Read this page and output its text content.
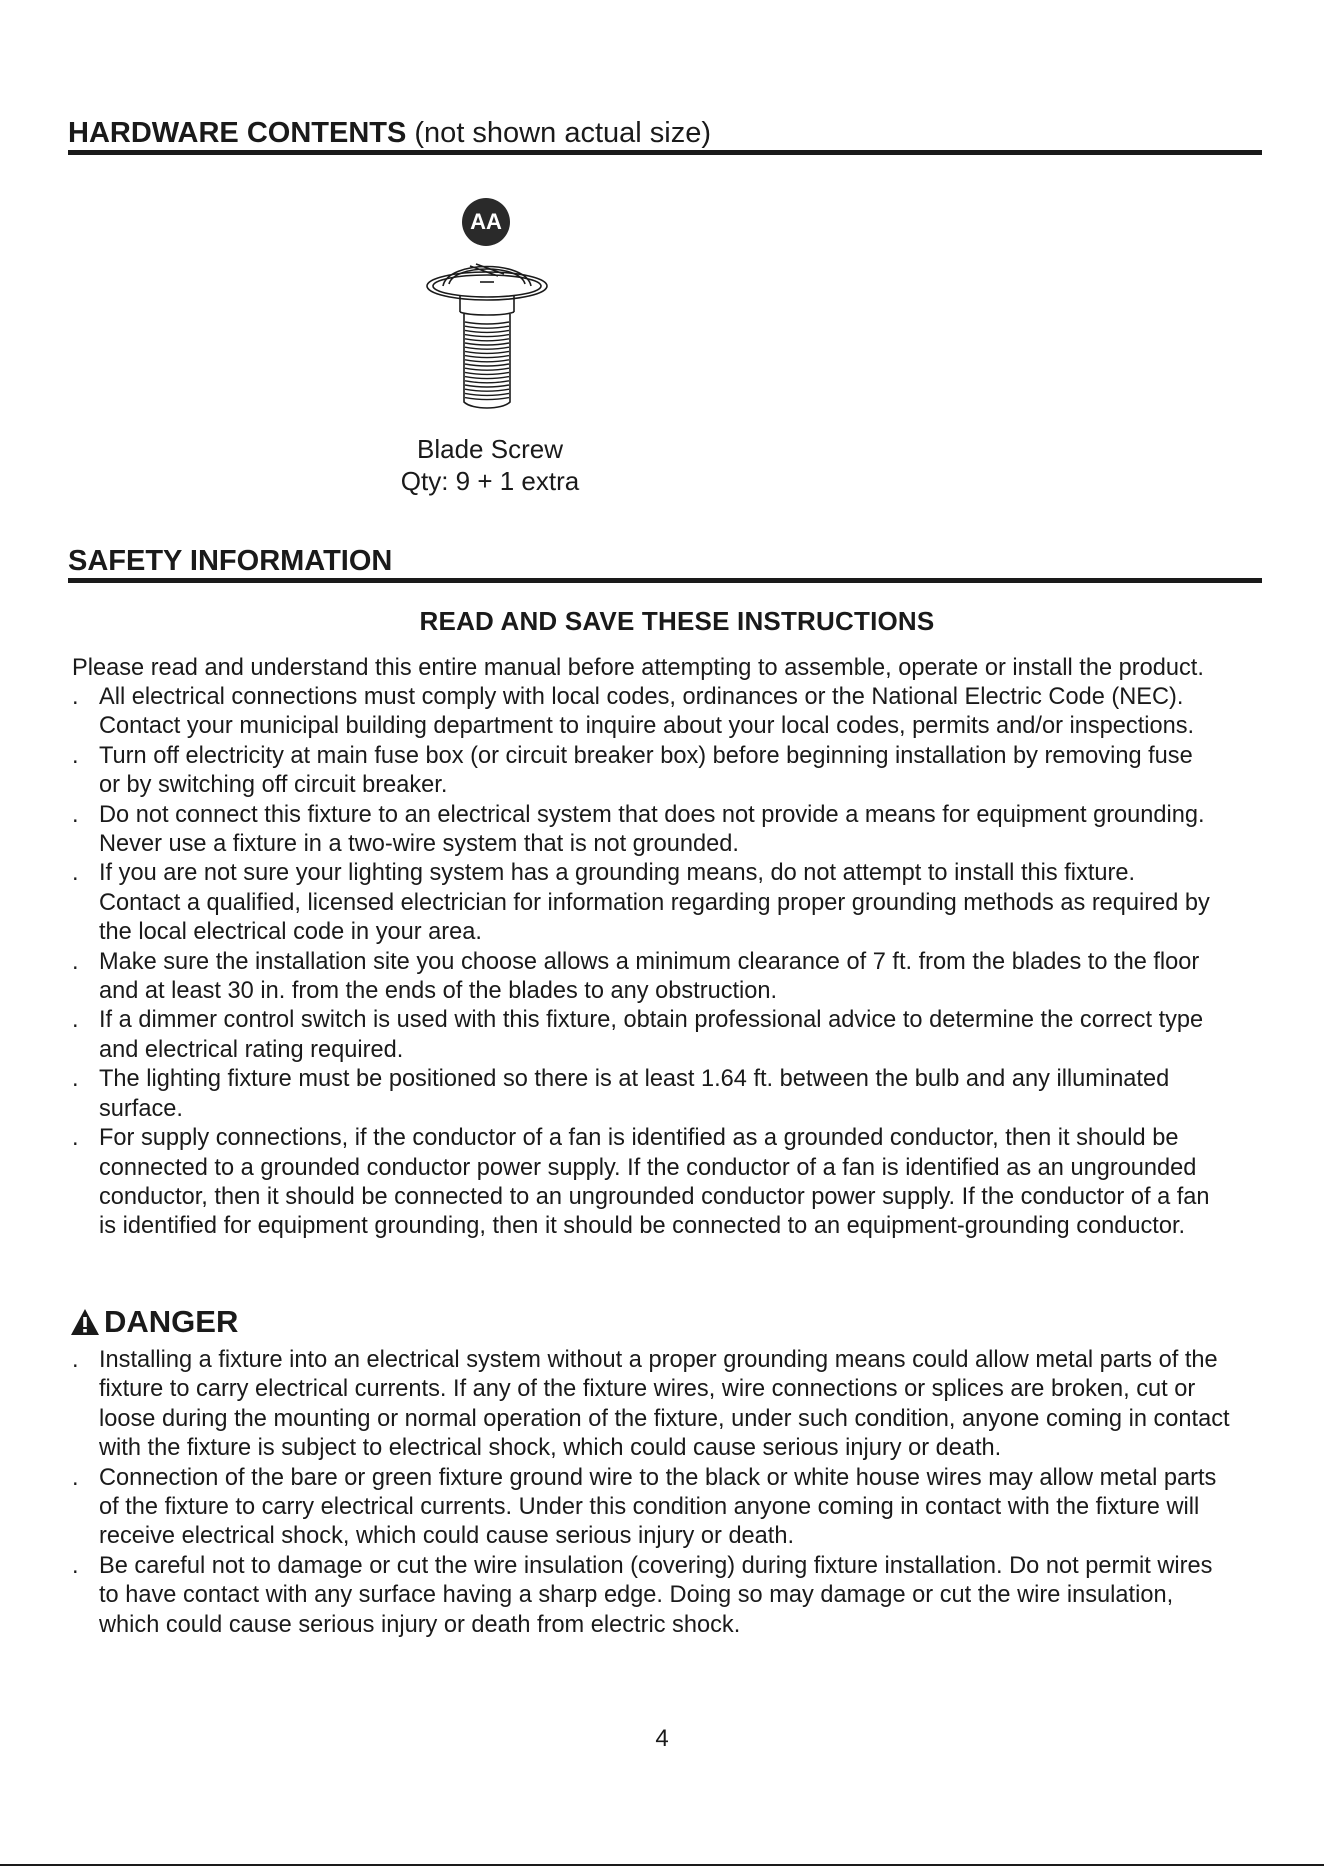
HARDWARE CONTENTS (not shown actual size)
AA
Blade Screw
Qty: 9 + 1 extra
SAFETY INFORMATION
READ AND SAVE THESE INSTRUCTIONS
Please read and understand this entire manual before attempting to assemble, operate or install the product.
. All electrical connections must comply with local codes, ordinances or the National Electric Code (NEC).
Contact your municipal building department to inquire about your local codes, permits and/or inspections.
. Turn off electricity at main fuse box (or circuit breaker box) before beginning installation by removing fuse
or by switching off circuit breaker.
. Do not connect this fixture to an electrical system that does not provide a means for equipment grounding.
Never use a fixture in a two-wire system that is not grounded.
. If you are not sure your lighting system has a grounding means, do not attempt to install this fixture.
Contact a qualified, licensed electrician for information regarding proper grounding methods as required by
the local electrical code in your area.
. Make sure the installation site you choose allows a minimum clearance of 7 ft. from the blades to the floor
and at least 30 in. from the ends of the blades to any obstruction.
. If a dimmer control switch is used with this fixture, obtain professional advice to determine the correct type
and electrical rating required.
. The lighting fixture must be positioned so there is at least 1.64 ft. between the bulb and any illuminated
surface.
. For supply connections, if the conductor of a fan is identified as a grounded conductor, then it should be
connected to a grounded conductor power supply. If the conductor of a fan is identified as an ungrounded
conductor, then it should be connected to an ungrounded conductor power supply. If the conductor of a fan
is identified for equipment grounding, then it should be connected to an equipment-grounding conductor.
DANGER
. Installing a fixture into an electrical system without a proper grounding means could allow metal parts of the
fixture to carry electrical currents. If any of the fixture wires, wire connections or splices are broken, cut or
loose during the mounting or normal operation of the fixture, under such condition, anyone coming in contact
with the fixture is subject to electrical shock, which could cause serious injury or death.
. Connection of the bare or green fixture ground wire to the black or white house wires may allow metal parts
of the fixture to carry electrical currents. Under this condition anyone coming in contact with the fixture will
receive electrical shock, which could cause serious injury or death.
. Be careful not to damage or cut the wire insulation (covering) during fixture installation. Do not permit wires
to have contact with any surface having a sharp edge. Doing so may damage or cut the wire insulation,
which could cause serious injury or death from electric shock.
4
